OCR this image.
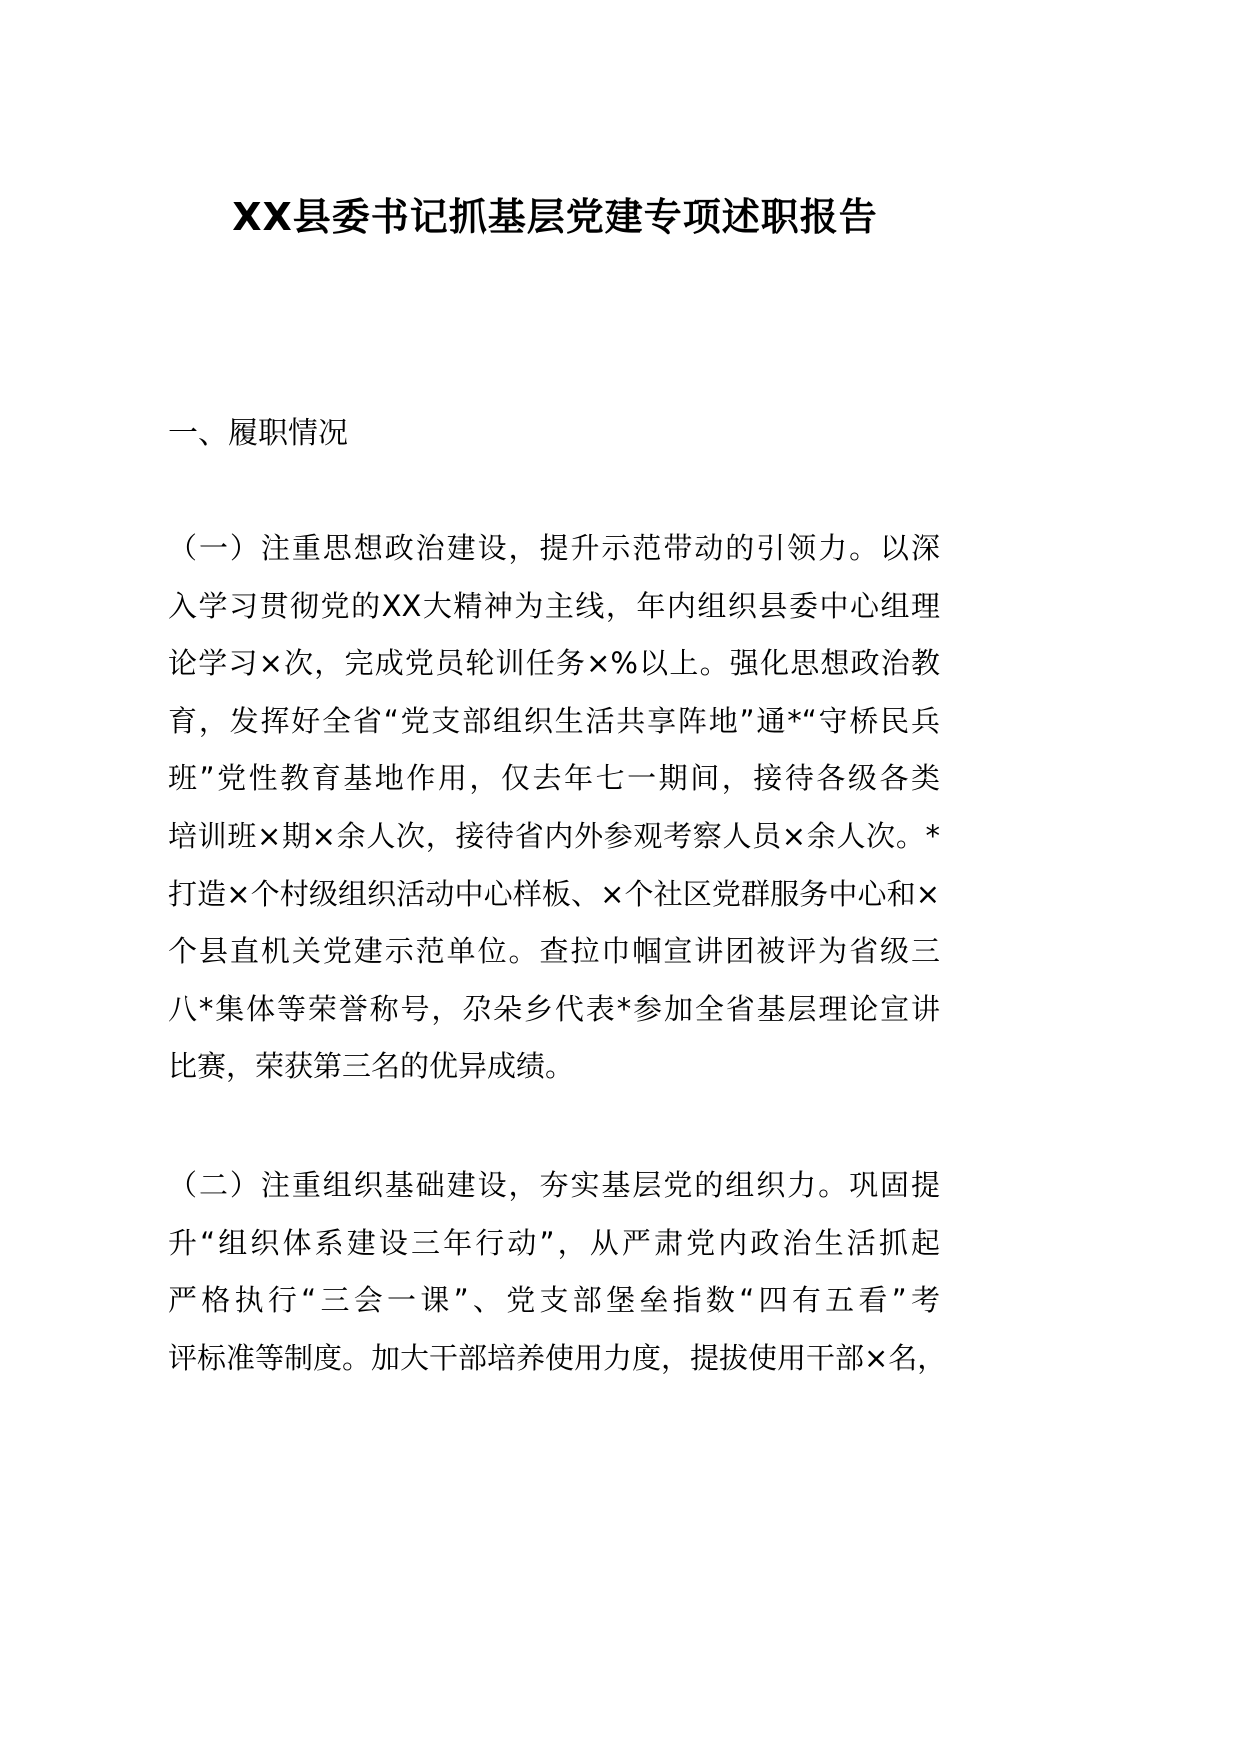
XX县委书记抓基层党建专项述职报告
一、履职情况
（一）注重思想政治建设，提升示范带动的引领力。以深
入学习贯彻党的XX大精神为主线，年内组织县委中心组理
论学习×次，完成党员轮训任务×%以上。强化思想政治教
育，发挥好全省“党支部组织生活共享阵地”通*“守桥民兵
班”党性教育基地作用，仅去年七一期间，接待各级各类
培训班×期×余人次，接待省内外参观考察人员×余人次。*
打造×个村级组织活动中心样板、×个社区党群服务中心和×
个县直机关党建示范单位。查拉巾帼宣讲团被评为省级三
八*集体等荣誉称号，尕朵乡代表*参加全省基层理论宣讲
比赛，荣获第三名的优异成绩。
（二）注重组织基础建设，夯实基层党的组织力。巩固提
升“组织体系建设三年行动”，从严肃党内政治生活抓起
严格执行“三会一课”、党支部堡垒指数“四有五看”考
评标准等制度。加大干部培养使用力度，提拔使用干部×名，
